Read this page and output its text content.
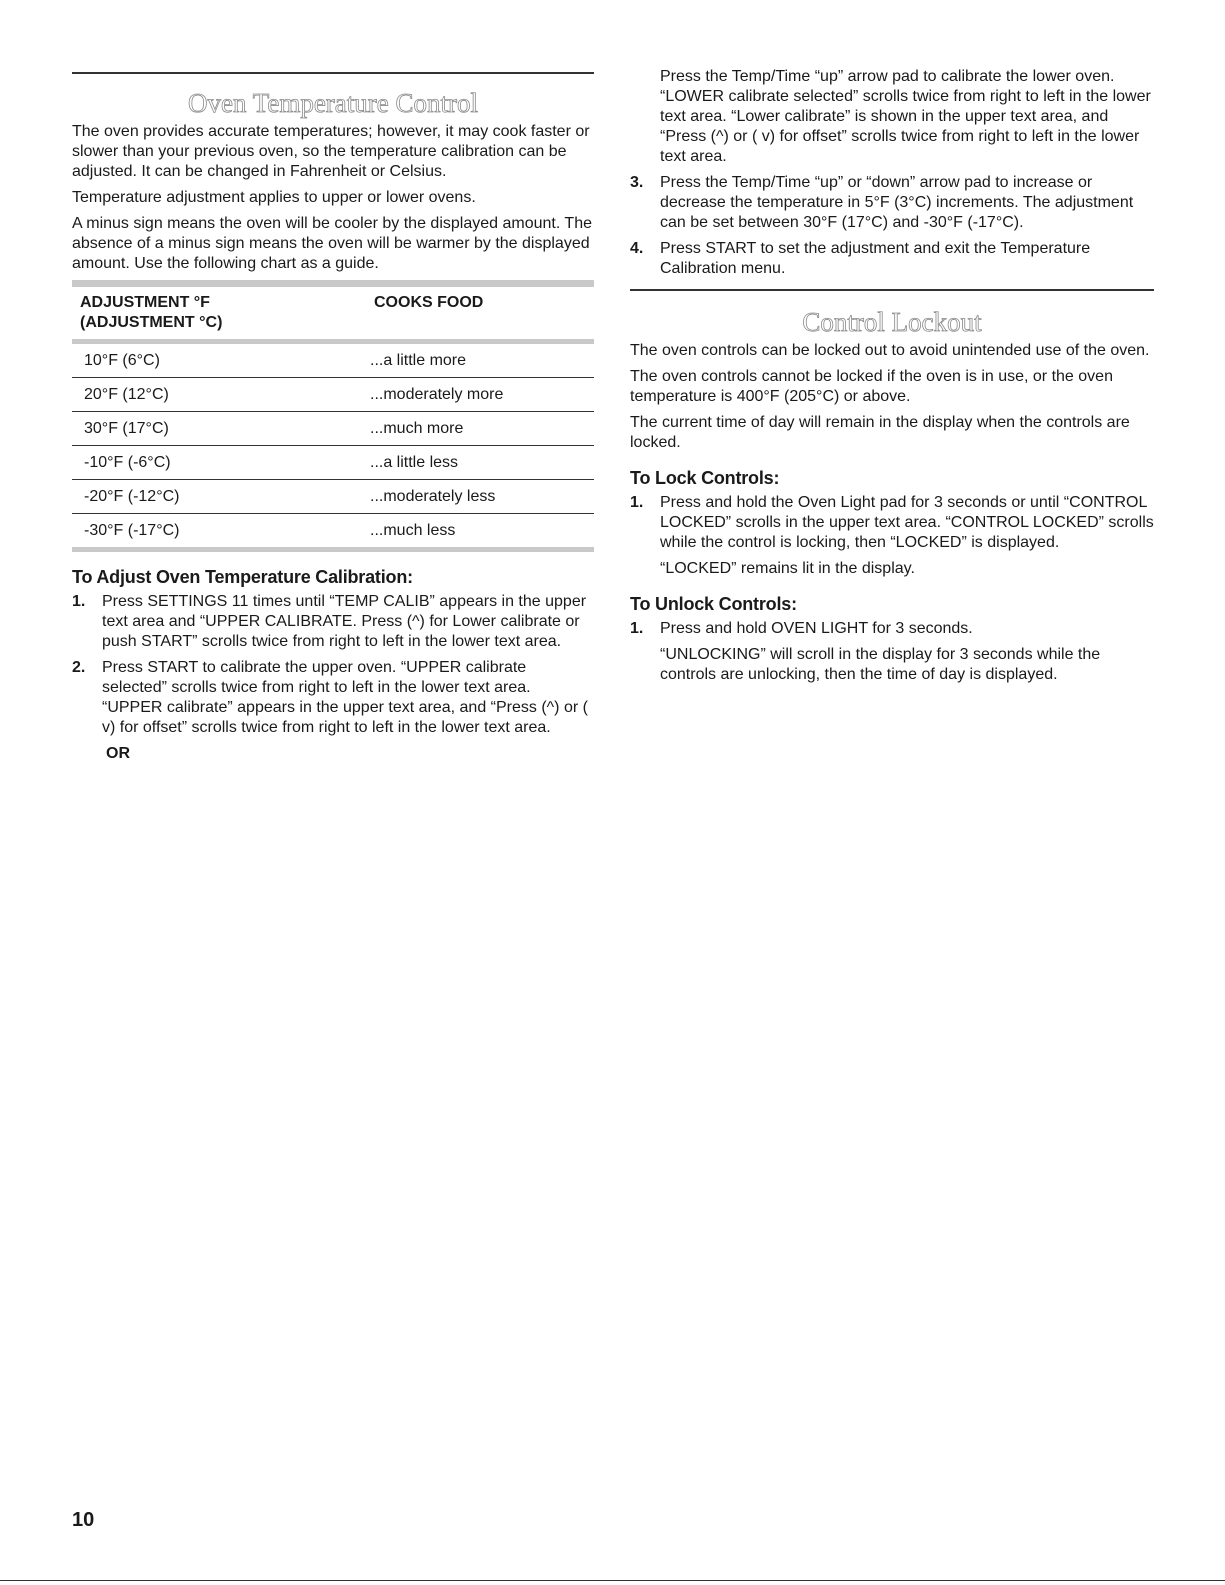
Oven Temperature Control

The oven provides accurate temperatures; however, it may cook faster or slower than your previous oven, so the temperature calibration can be adjusted. It can be changed in Fahrenheit or Celsius.

Temperature adjustment applies to upper or lower ovens.

A minus sign means the oven will be cooler by the displayed amount. The absence of a minus sign means the oven will be warmer by the displayed amount. Use the following chart as a guide.

ADJUSTMENT °F
(ADJUSTMENT °C)	COOKS FOOD

10°F (6°C)	...a little more
20°F (12°C)	...moderately more
30°F (17°C)	...much more
-10°F (-6°C)	...a little less
-20°F (-12°C)	...moderately less
-30°F (-17°C)	...much less

To Adjust Oven Temperature Calibration:
1. Press SETTINGS 11 times until “TEMP CALIB” appears in the upper text area and “UPPER CALIBRATE. Press (^) for Lower calibrate or push START” scrolls twice from right to left in the lower text area.
2. Press START to calibrate the upper oven. “UPPER calibrate selected” scrolls twice from right to left in the lower text area. “UPPER calibrate” appears in the upper text area, and “Press (^) or ( v) for offset” scrolls twice from right to left in the lower text area.
OR
Press the Temp/Time “up” arrow pad to calibrate the lower oven. “LOWER calibrate selected” scrolls twice from right to left in the lower text area. “Lower calibrate” is shown in the upper text area, and “Press (^) or ( v) for offset” scrolls twice from right to left in the lower text area.
3. Press the Temp/Time “up” or “down” arrow pad to increase or decrease the temperature in 5°F (3°C) increments. The adjustment can be set between 30°F (17°C) and -30°F (-17°C).
4. Press START to set the adjustment and exit the Temperature Calibration menu.
Control Lockout

The oven controls can be locked out to avoid unintended use of the oven.

The oven controls cannot be locked if the oven is in use, or the oven temperature is 400°F (205°C) or above.

The current time of day will remain in the display when the controls are locked.

To Lock Controls:
1. Press and hold the Oven Light pad for 3 seconds or until “CONTROL LOCKED” scrolls in the upper text area. “CONTROL LOCKED” scrolls while the control is locking, then “LOCKED” is displayed.
“LOCKED” remains lit in the display.
To Unlock Controls:
1. Press and hold OVEN LIGHT for 3 seconds.
“UNLOCKING” will scroll in the display for 3 seconds while the controls are unlocking, then the time of day is displayed.
10
